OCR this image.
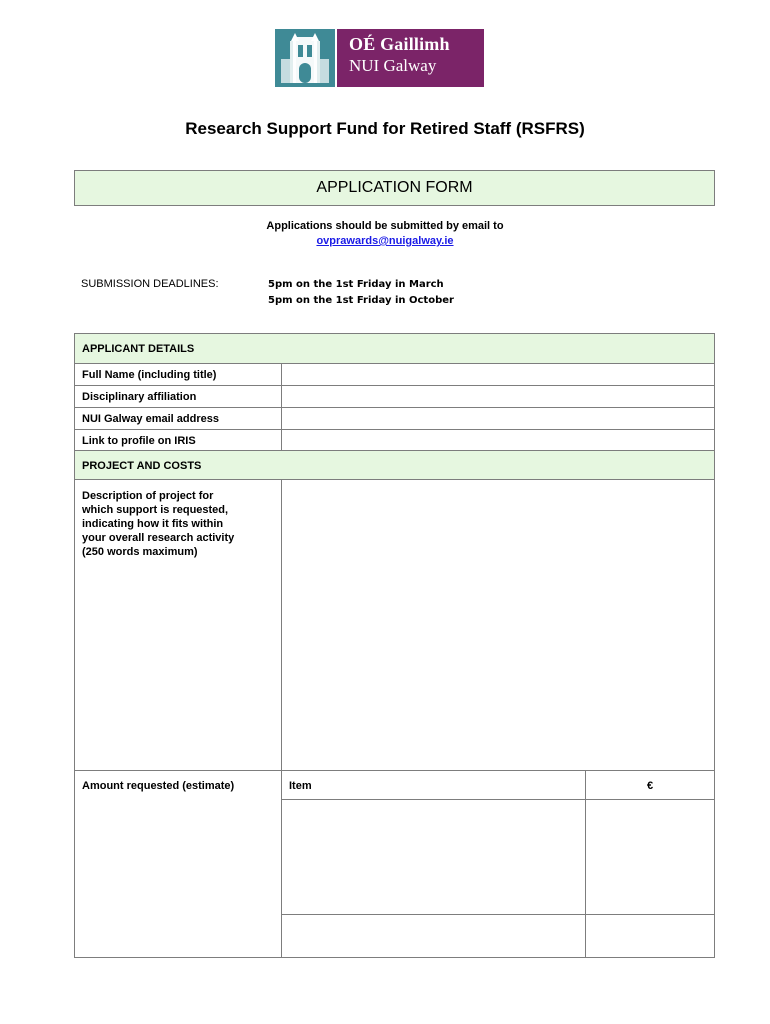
OÉ Gaillimh
NUI Galway
Research Support Fund for Retired Staff (RSFRS)
APPLICATION FORM
Applications should be submitted by email to
ovprawards@nuigalway.ie
SUBMISSION DEADLINES:	5pm on the 1st Friday in March
5pm on the 1st Friday in October
APPLICANT DETAILS
Full Name (including title)
Disciplinary affiliation
NUI Galway email address
Link to profile on IRIS
PROJECT AND COSTS
Description of project for
which support is requested,
indicating how it fits within
your overall research activity
(250 words maximum)
Amount requested (estimate)	Item	€
